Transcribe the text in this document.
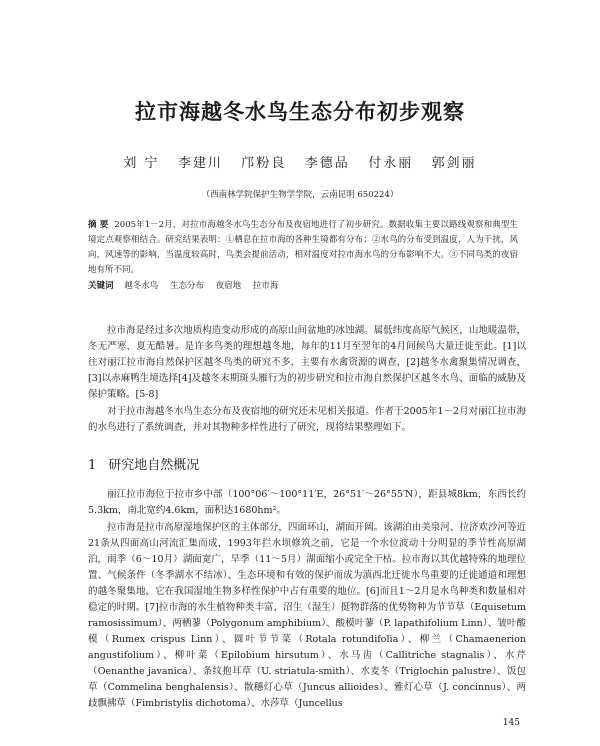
拉市海越冬水鸟生态分布初步观察
刘 宁 李建川 邝粉良 李德品 付永丽 郭剑丽
（西南林学院保护生物学学院，云南昆明 650224）
摘 要 2005年1－2月，对拉市海越冬水鸟生态分布及夜宿地进行了初步研究。数据收集主要以路线观察和典型生境定点观察相结合。研究结果表明：①栖息在拉市海的各种生境都有分布；②水鸟的分布受到温度，人为干扰，风向，风速等的影响，当温度较高时，鸟类会提前活动，相对温度对拉市海水鸟的分布影响不大。③不同鸟类的夜宿地有所不同。
关键词 越冬水鸟 生态分布 夜宿地 拉市海

拉市海是经过多次地质构造变动形成的高原山间盆地的冰蚀湖。属低纬度高原气候区，山地暖温带，冬无严寒，夏无酷暑。是许多鸟类的理想越冬地，每年的11月至翌年的4月间候鸟大量迁徙至此。[1]以往对丽江拉市海自然保护区越冬鸟类的研究不多，主要有水禽资源的调查，[2]越冬水禽聚集情况调查，[3]以赤麻鸭生境选择[4]及越冬末期斑头雁行为的初步研究和拉市海自然保护区越冬水鸟、面临的威胁及保护策略。[5-8]

对于拉市海越冬水鸟生态分布及夜宿地的研究还未见相关报道。作者于2005年1－2月对丽江拉市海的水鸟进行了系统调查，并对其物种多样性进行了研究，现将结果整理如下。

1 研究地自然概况

丽江拉市海位于拉市乡中部（100°06′～100°11′E，26°51′～26°55′N），距县城8km，东西长约5.3km，南北宽约4.6km，面积达1680hm²。

拉市海是拉市高原湿地保护区的主体部分，四面环山，湖面开阔。该湖泊由美泉河、拉济欢沙河等近21条从四面高山河流汇集而成，1993年拦水坝修筑之前，它是一个水位波动十分明显的季节性高原湖泊，雨季（6～10月）湖面宽广，旱季（11～5月）湖面缩小或完全干枯。拉市海以其优越特殊的地理位置、气候条件（冬季湖水不结冰）、生态环境和有效的保护而成为滇西北迁徙水鸟重要的迁徙通道和理想的越冬聚集地，它在我国湿地生物多样性保护中占有重要的地位。[6]而且1～2月是水鸟种类和数量相对稳定的时期。[7]拉市海的水生植物种类丰富，沼生（湿生）挺物群落的优势物种为节节草（Equisetum ramosissimum）、两栖蓼（Polygonum amphibium）、酸模叶蓼（P. lapathifolium Linn）、皱叶酸模（Rumex crispus Linn）、圆叶节节菜（Rotala rotundifolia）、柳兰（Chamaenerion angustifolium）、柳叶菜（Epilobium hirsutum）、水马齿（Callitriche stagnalis）、水芹（Oenanthe javanica）、条纹抱耳草（U. striatula-smith）、水麦冬（Triglochin palustre）、饭包草（Commelina benghalensis）、散穗灯心草（Juncus allioides）、雅灯心草（J. concinnus）、两歧飘拂草（Fimbristylis dichotoma）、水莎草（Juncellus

145
